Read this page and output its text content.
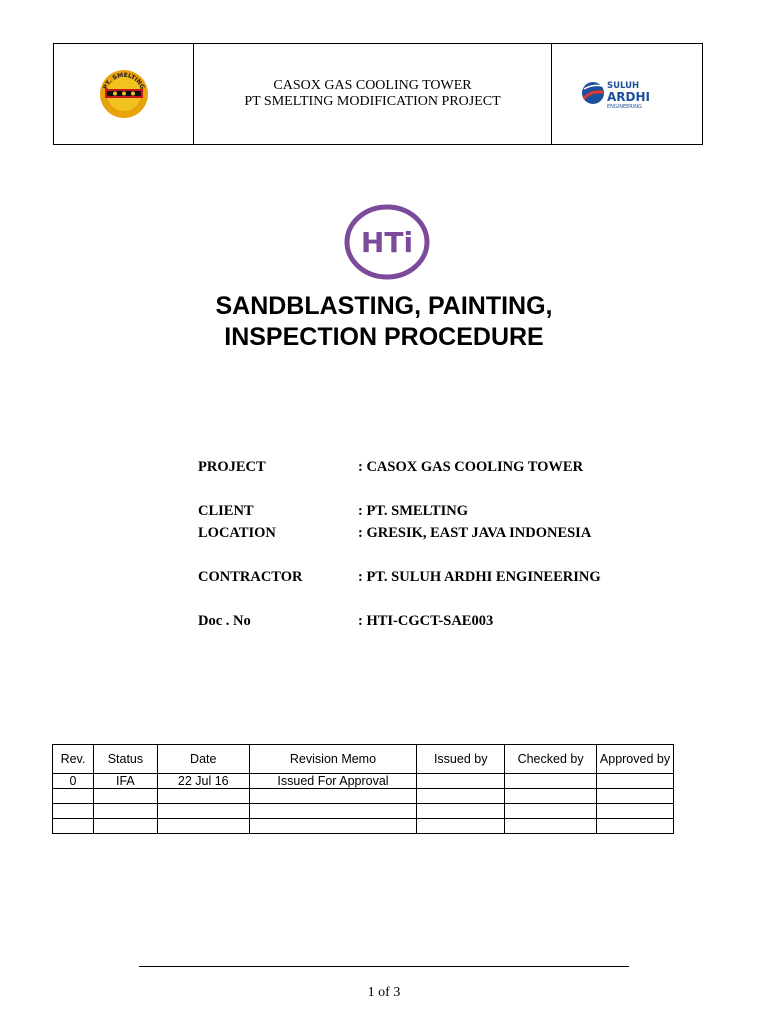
PT. SMELTING	CASOX GAS COOLING TOWER
PT SMELTING MODIFICATION PROJECT
SULUH
ARDHI
ENGINEERING
HTi
SANDBLASTING, PAINTING,
INSPECTION PROCEDURE
PROJECT	: CASOX GAS COOLING TOWER
CLIENT	: PT. SMELTING
LOCATION	: GRESIK, EAST JAVA INDONESIA
CONTRACTOR	: PT. SULUH ARDHI ENGINEERING
Doc . No	: HTI-CGCT-SAE003
Rev.	Status	Date	Revision Memo	Issued by	Checked by	Approved by
0	IFA	22 Jul 16	Issued For Approval			

1 of 3
